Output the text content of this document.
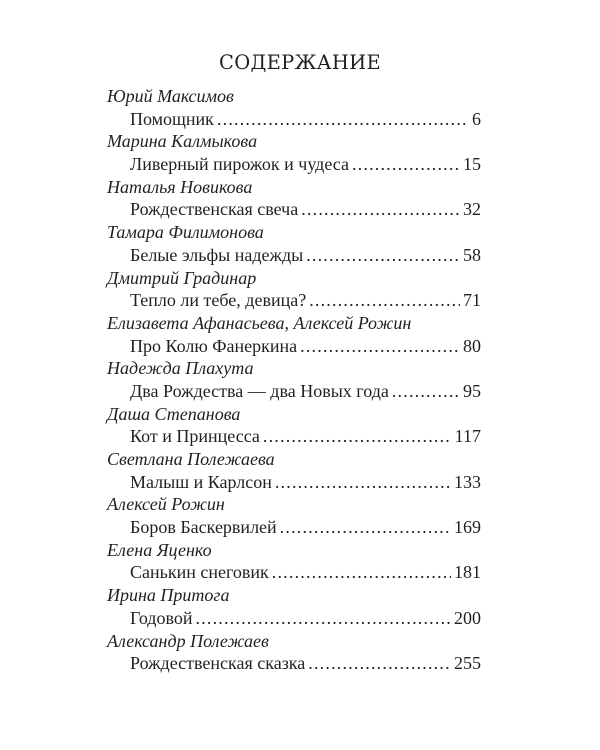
СОДЕРЖАНИЕ
Юрий Максимов
Помощник .....	6
Марина Калмыкова
Ливерный пирожок и чудеса .....	15
Наталья Новикова
Рождественская свеча .....	32
Тамара Филимонова
Белые эльфы надежды .....	58
Дмитрий Градинар
Тепло ли тебе, девица? .....	71
Елизавета Афанасьева, Алексей Рожин
Про Колю Фанеркина .....	80
Надежда Плахута
Два Рождества — два Новых года .....	95
Даша Степанова
Кот и Принцесса .....	117
Светлана Полежаева
Малыш и Карлсон .....	133
Алексей Рожин
Боров Баскервилей .....	169
Елена Яценко
Санькин снеговик .....	181
Ирина Притога
Годовой .....	200
Александр Полежаев
Рождественская сказка .....	255
